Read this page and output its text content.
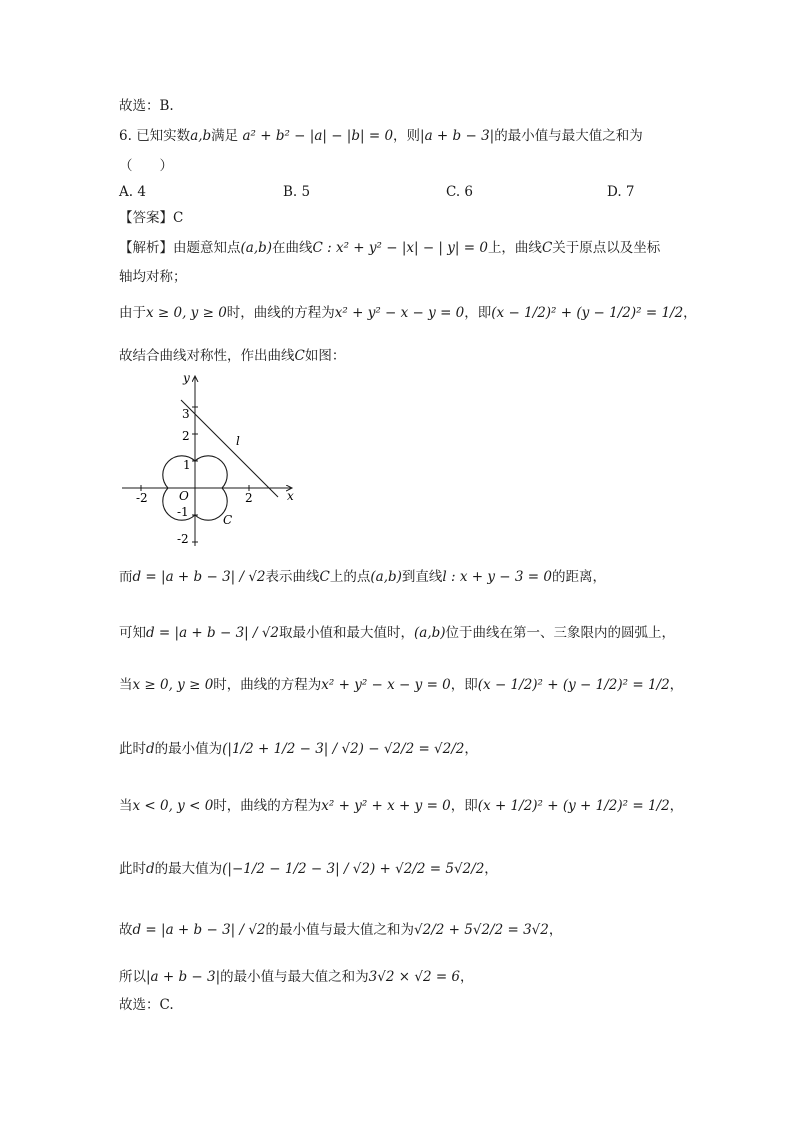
故选：B.
6. 已知实数a,b满足 a² + b² − |a| − |b| = 0，则|a + b − 3|的最小值与最大值之和为
（　　）
A. 4	B. 5	C. 6	D. 7
【答案】C
【解析】由题意知点(a,b)在曲线C : x² + y² − |x| − | y| = 0上，曲线C关于原点以及坐标
轴均对称；
由于x ≥ 0, y ≥ 0时，曲线的方程为x² + y² − x − y = 0，即(x − 1/2)² + (y − 1/2)² = 1/2，
故结合曲线对称性，作出曲线C如图：
y
x
O
-2	2
3
2
1
-1
-2
l
C
而d = |a + b − 3| / √2表示曲线C上的点(a,b)到直线l : x + y − 3 = 0的距离，
可知d = |a + b − 3| / √2取最小值和最大值时，(a,b)位于曲线在第一、三象限内的圆弧上，
当x ≥ 0, y ≥ 0时，曲线的方程为x² + y² − x − y = 0，即(x − 1/2)² + (y − 1/2)² = 1/2，
此时d的最小值为(|1/2 + 1/2 − 3| / √2) − √2/2 = √2/2，
当x < 0, y < 0时，曲线的方程为x² + y² + x + y = 0，即(x + 1/2)² + (y + 1/2)² = 1/2，
此时d的最大值为(|−1/2 − 1/2 − 3| / √2) + √2/2 = 5√2/2，
故d = |a + b − 3| / √2的最小值与最大值之和为√2/2 + 5√2/2 = 3√2，
所以|a + b − 3|的最小值与最大值之和为3√2 × √2 = 6，
故选：C.
